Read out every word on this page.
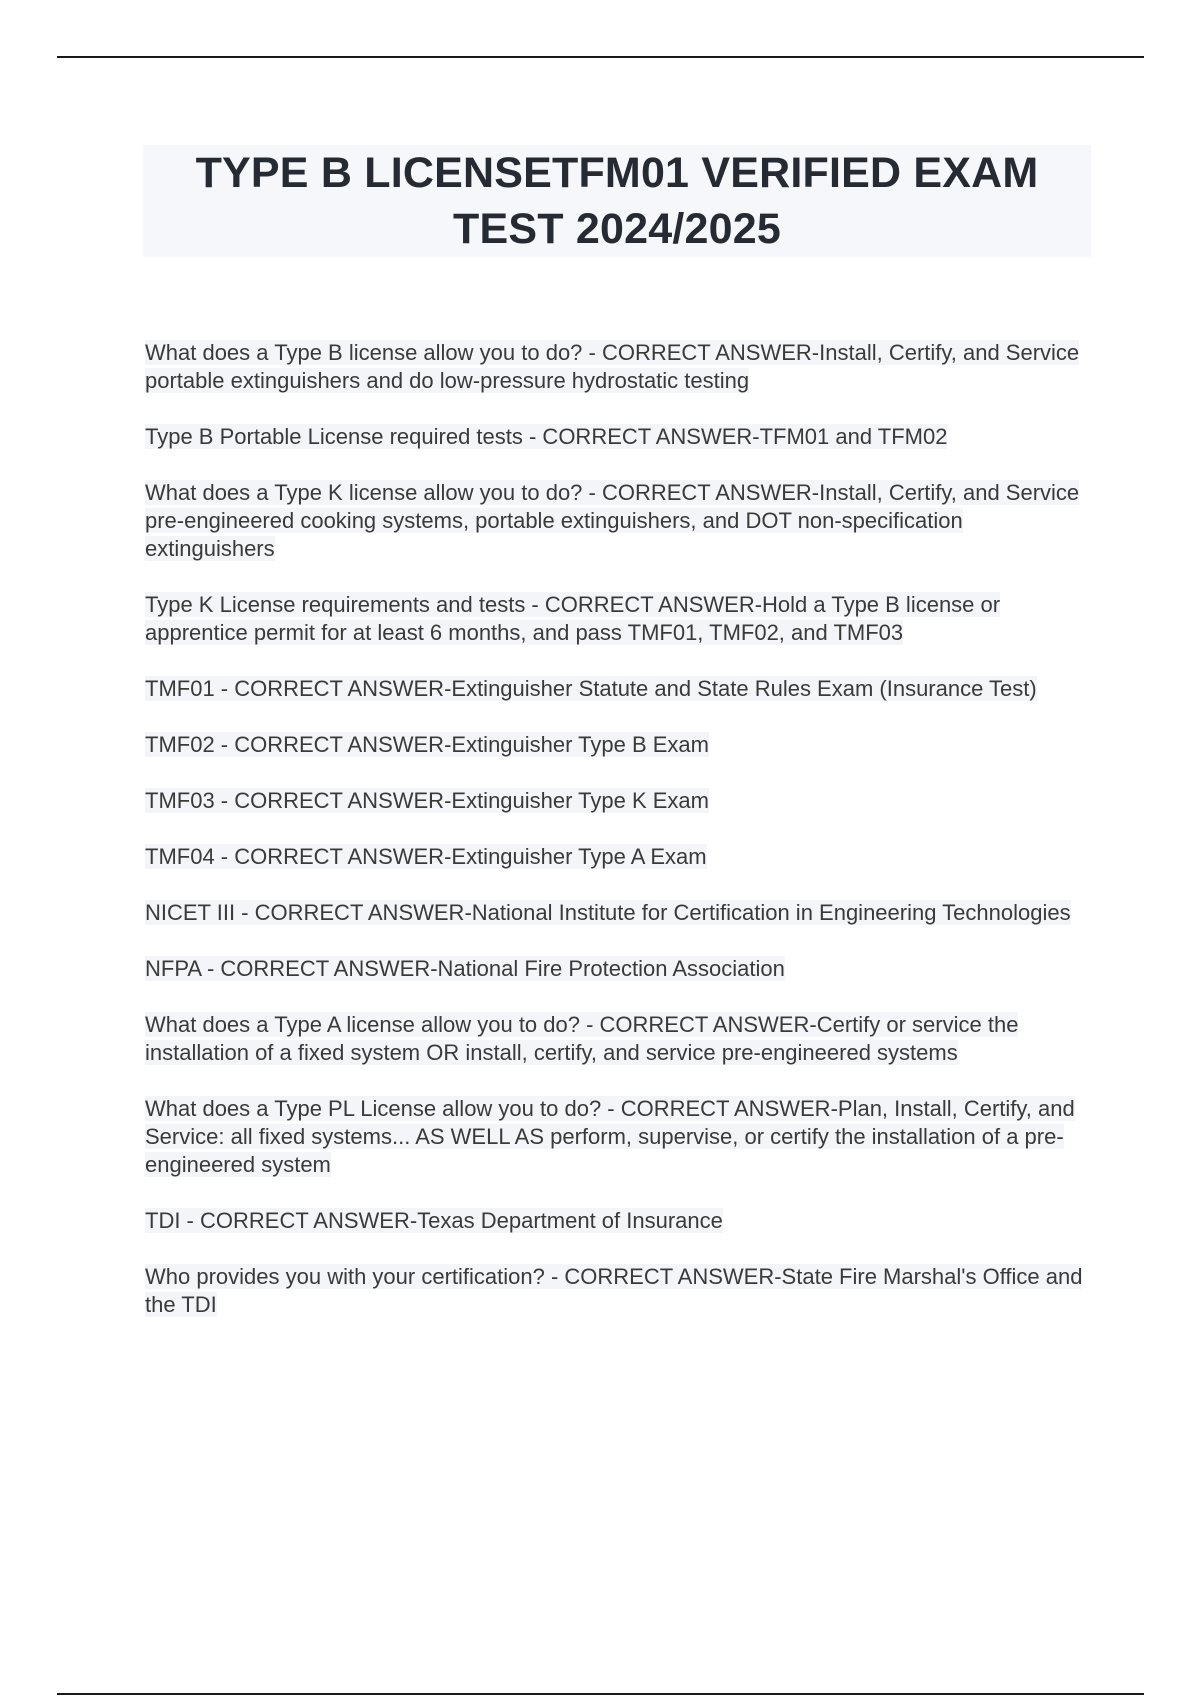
TYPE B LICENSETFM01 VERIFIED EXAM TEST 2024/2025

What does a Type B license allow you to do? - CORRECT ANSWER-Install, Certify, and Service portable extinguishers and do low-pressure hydrostatic testing

Type B Portable License required tests - CORRECT ANSWER-TFM01 and TFM02

What does a Type K license allow you to do? - CORRECT ANSWER-Install, Certify, and Service pre-engineered cooking systems, portable extinguishers, and DOT non-specification extinguishers

Type K License requirements and tests - CORRECT ANSWER-Hold a Type B license or apprentice permit for at least 6 months, and pass TMF01, TMF02, and TMF03

TMF01 - CORRECT ANSWER-Extinguisher Statute and State Rules Exam (Insurance Test)

TMF02 - CORRECT ANSWER-Extinguisher Type B Exam

TMF03 - CORRECT ANSWER-Extinguisher Type K Exam

TMF04 - CORRECT ANSWER-Extinguisher Type A Exam

NICET III - CORRECT ANSWER-National Institute for Certification in Engineering Technologies

NFPA - CORRECT ANSWER-National Fire Protection Association

What does a Type A license allow you to do? - CORRECT ANSWER-Certify or service the installation of a fixed system OR install, certify, and service pre-engineered systems

What does a Type PL License allow you to do? - CORRECT ANSWER-Plan, Install, Certify, and Service: all fixed systems... AS WELL AS perform, supervise, or certify the installation of a pre-engineered system

TDI - CORRECT ANSWER-Texas Department of Insurance

Who provides you with your certification? - CORRECT ANSWER-State Fire Marshal's Office and the TDI
